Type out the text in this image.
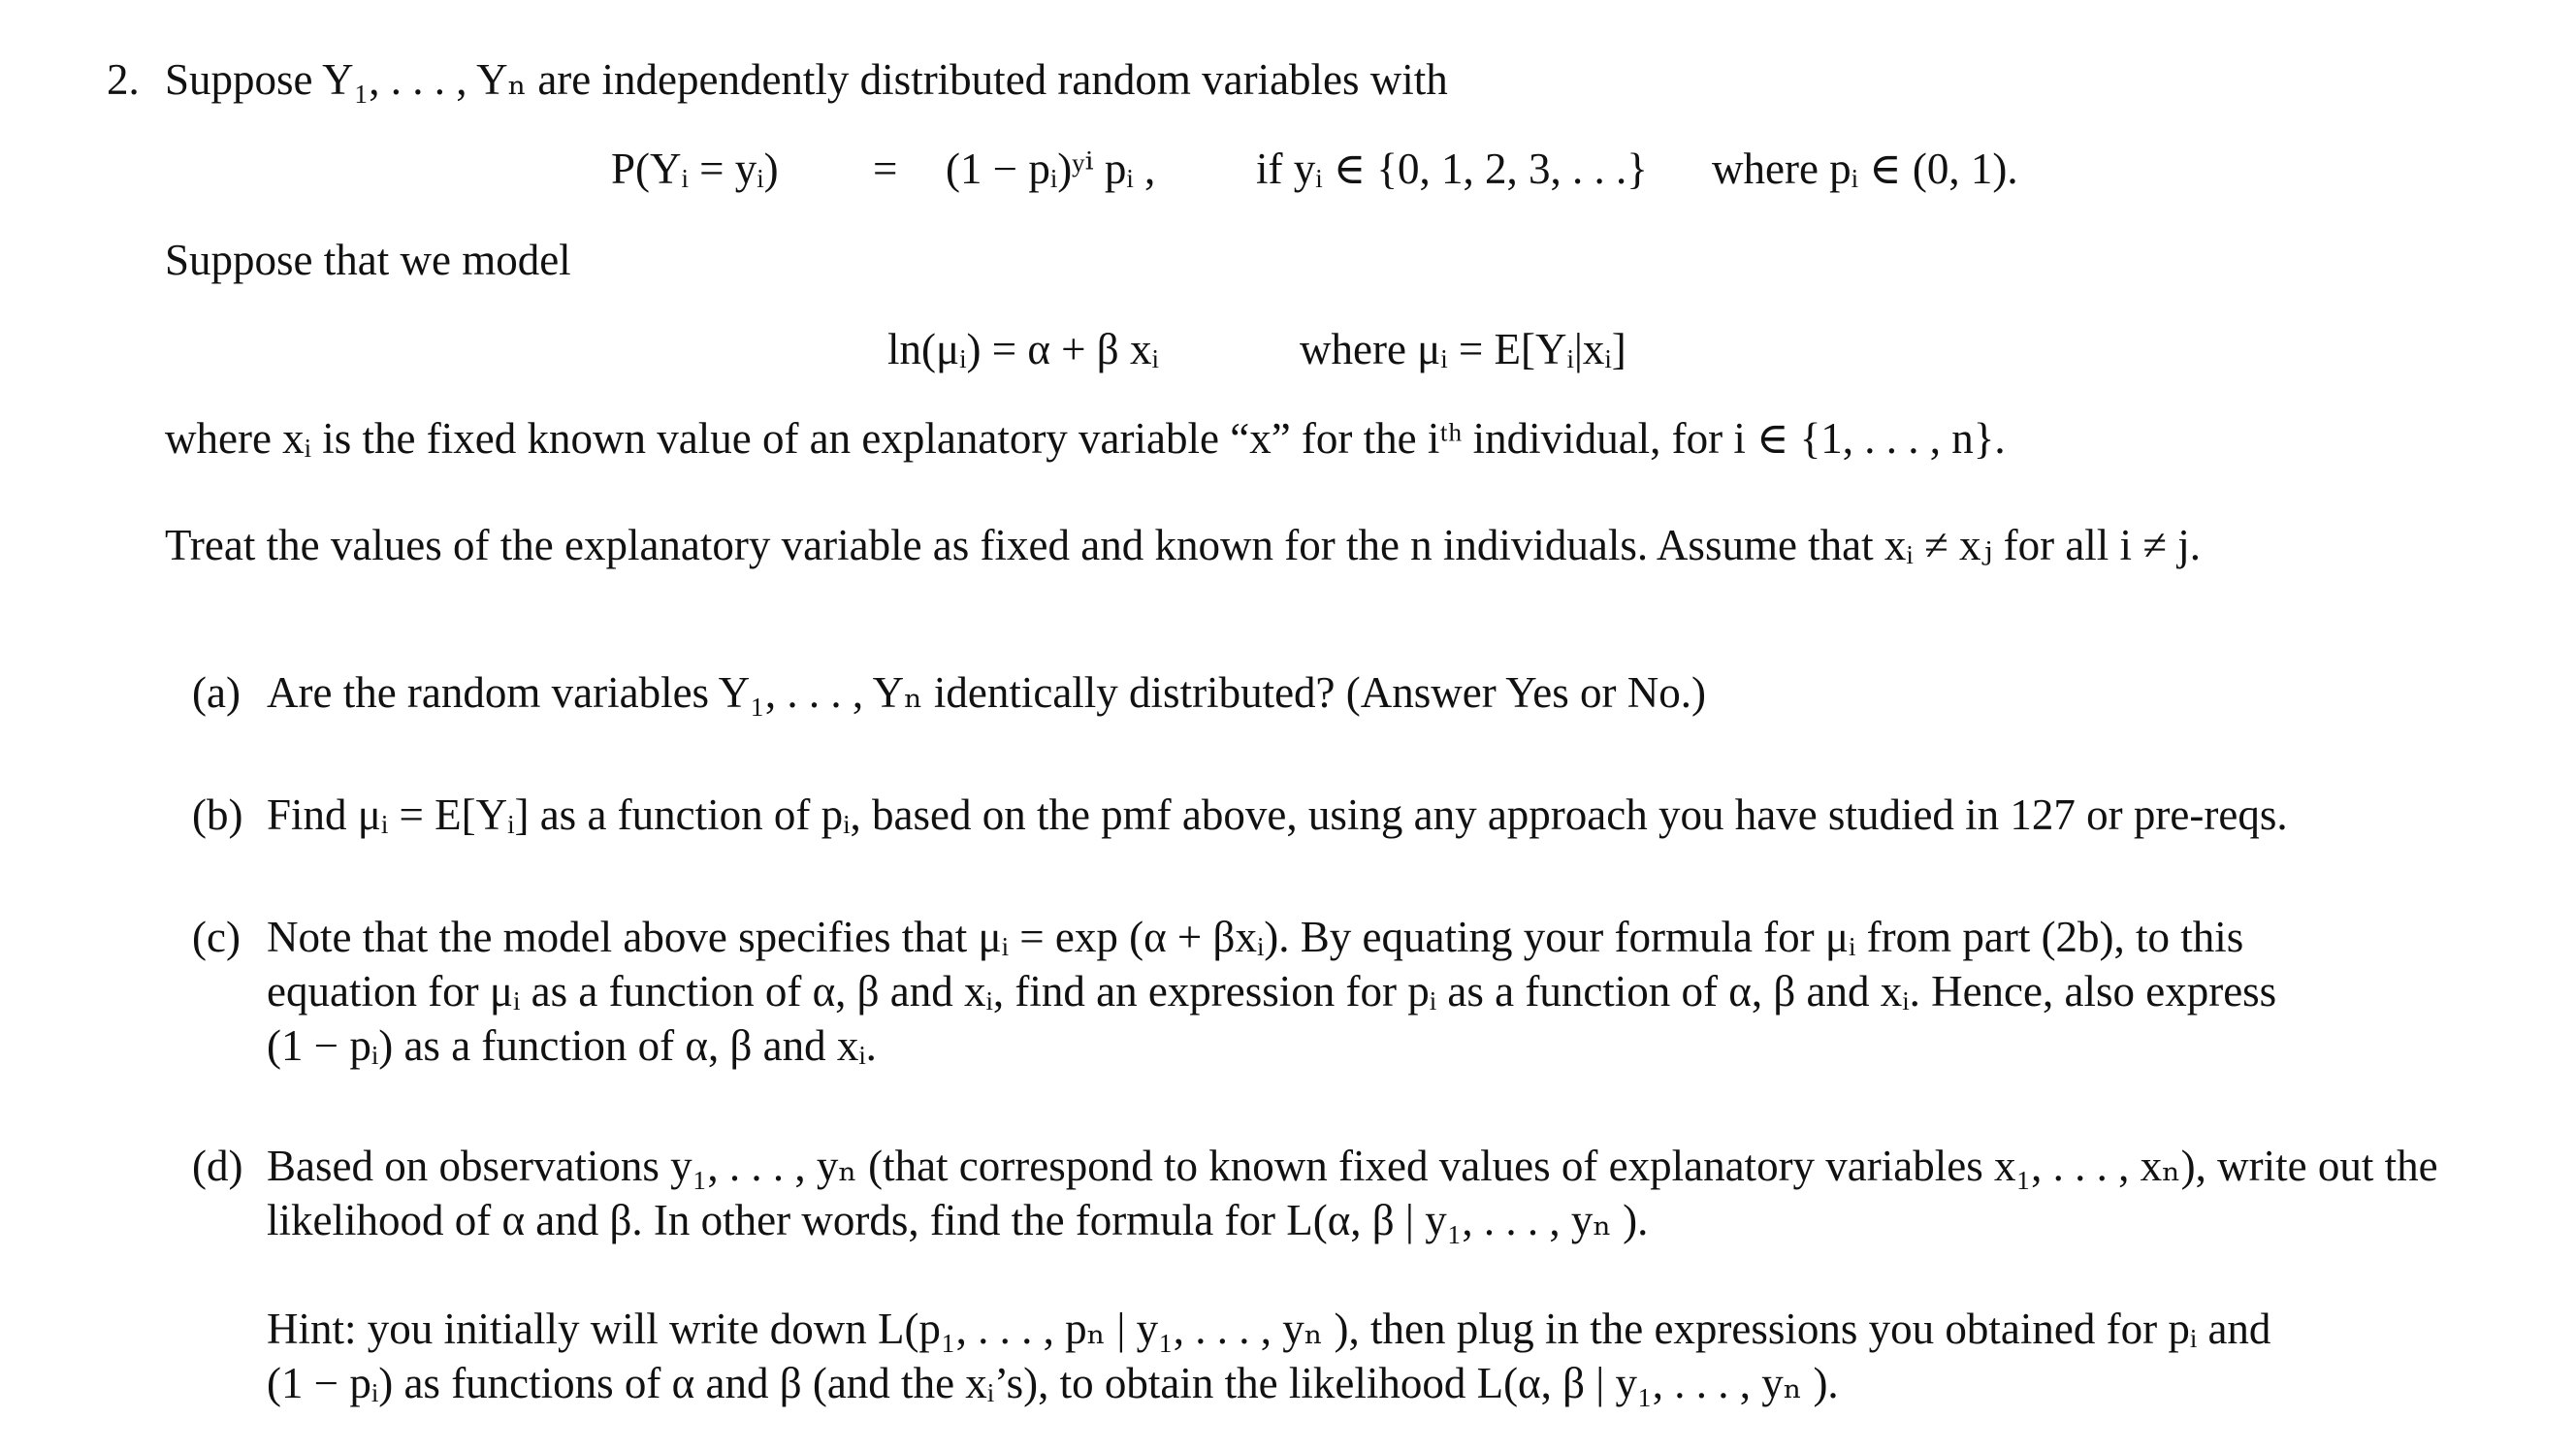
2. Suppose Y₁, . . . , Yₙ are independently distributed random variables with
P(Yᵢ = yᵢ) = (1 − pᵢ)ʸⁱ pᵢ , if yᵢ ∈ {0, 1, 2, 3, . . .} where pᵢ ∈ (0, 1).
Suppose that we model
ln(μᵢ) = α + β xᵢ	where μᵢ = E[Yᵢ|xᵢ]
where xᵢ is the fixed known value of an explanatory variable “x” for the iᵗʰ individual, for i ∈ {1, . . . , n}.
Treat the values of the explanatory variable as fixed and known for the n individuals. Assume that xᵢ ≠ xⱼ for all i ≠ j.
(a) Are the random variables Y₁, . . . , Yₙ identically distributed? (Answer Yes or No.)
(b) Find μᵢ = E[Yᵢ] as a function of pᵢ, based on the pmf above, using any approach you have studied in 127 or pre-reqs.
(c) Note that the model above specifies that μᵢ = exp (α + βxᵢ). By equating your formula for μᵢ from part (2b), to this
equation for μᵢ as a function of α, β and xᵢ, find an expression for pᵢ as a function of α, β and xᵢ. Hence, also express
(1 − pᵢ) as a function of α, β and xᵢ.
(d) Based on observations y₁, . . . , yₙ (that correspond to known fixed values of explanatory variables x₁, . . . , xₙ), write out the
likelihood of α and β. In other words, find the formula for L(α, β | y₁, . . . , yₙ ).
Hint: you initially will write down L(p₁, . . . , pₙ | y₁, . . . , yₙ ), then plug in the expressions you obtained for pᵢ and
(1 − pᵢ) as functions of α and β (and the xᵢ’s), to obtain the likelihood L(α, β | y₁, . . . , yₙ ).
